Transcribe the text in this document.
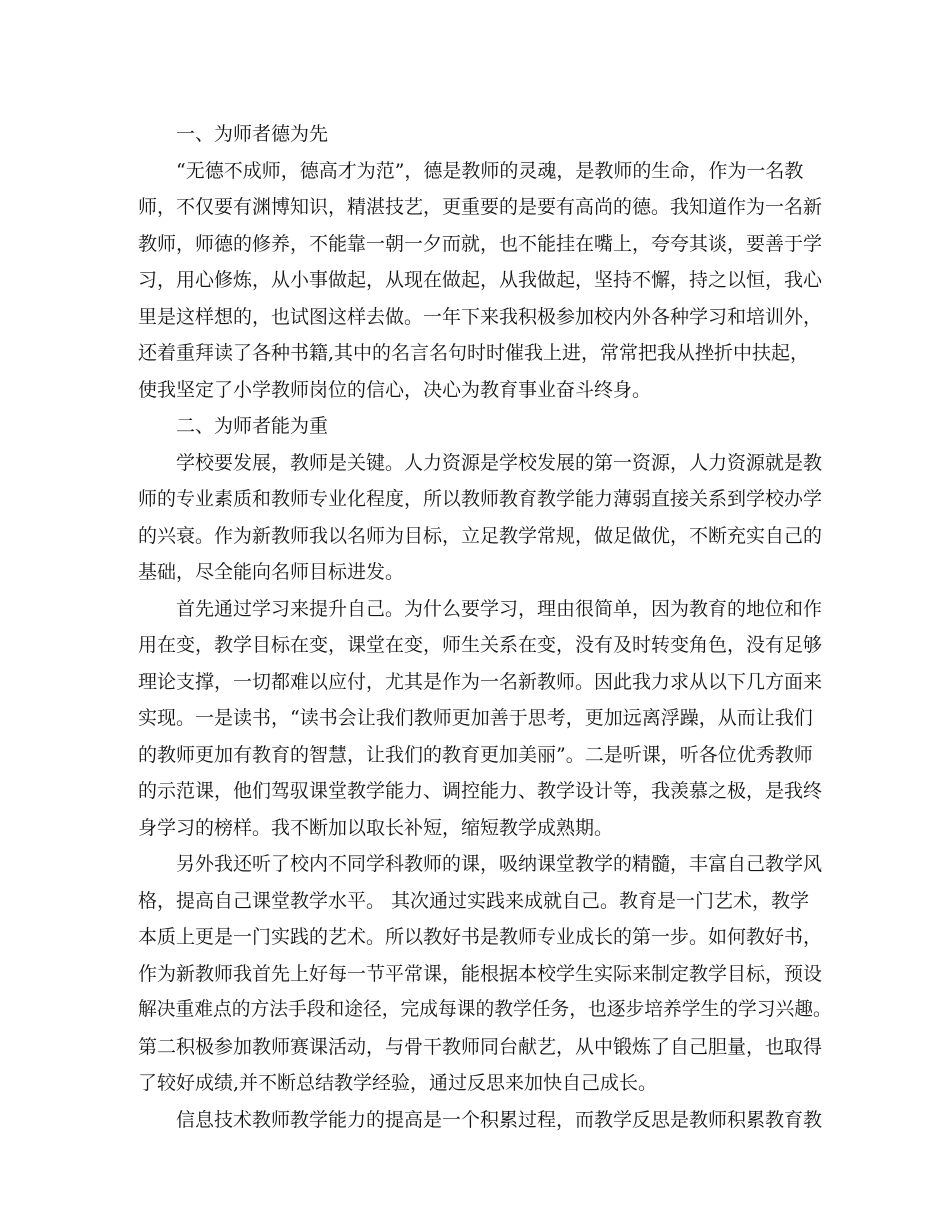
一、为师者德为先
“无德不成师，德高才为范”，德是教师的灵魂，是教师的生命，作为一名教
师，不仅要有渊博知识，精湛技艺，更重要的是要有高尚的德。我知道作为一名新
教师，师德的修养，不能靠一朝一夕而就，也不能挂在嘴上，夸夸其谈，要善于学
习，用心修炼，从小事做起，从现在做起，从我做起，坚持不懈，持之以恒，我心
里是这样想的，也试图这样去做。一年下来我积极参加校内外各种学习和培训外，
还着重拜读了各种书籍,其中的名言名句时时催我上进，常常把我从挫折中扶起，
使我坚定了小学教师岗位的信心，决心为教育事业奋斗终身。
二、为师者能为重
学校要发展，教师是关键。人力资源是学校发展的第一资源，人力资源就是教
师的专业素质和教师专业化程度，所以教师教育教学能力薄弱直接关系到学校办学
的兴衰。作为新教师我以名师为目标，立足教学常规，做足做优，不断充实自己的
基础，尽全能向名师目标进发。
首先通过学习来提升自己。为什么要学习，理由很简单，因为教育的地位和作
用在变，教学目标在变，课堂在变，师生关系在变，没有及时转变角色，没有足够
理论支撑，一切都难以应付，尤其是作为一名新教师。因此我力求从以下几方面来
实现。一是读书，“读书会让我们教师更加善于思考，更加远离浮躁，从而让我们
的教师更加有教育的智慧，让我们的教育更加美丽”。二是听课，听各位优秀教师
的示范课，他们驾驭课堂教学能力、调控能力、教学设计等，我羡慕之极，是我终
身学习的榜样。我不断加以取长补短，缩短教学成熟期。
另外我还听了校内不同学科教师的课，吸纳课堂教学的精髓，丰富自己教学风
格，提高自己课堂教学水平。 其次通过实践来成就自己。教育是一门艺术，教学
本质上更是一门实践的艺术。所以教好书是教师专业成长的第一步。如何教好书，
作为新教师我首先上好每一节平常课，能根据本校学生实际来制定教学目标，预设
解决重难点的方法手段和途径，完成每课的教学任务，也逐步培养学生的学习兴趣。
第二积极参加教师赛课活动，与骨干教师同台献艺，从中锻炼了自己胆量，也取得
了较好成绩,并不断总结教学经验，通过反思来加快自己成长。
信息技术教师教学能力的提高是一个积累过程，而教学反思是教师积累教育教
